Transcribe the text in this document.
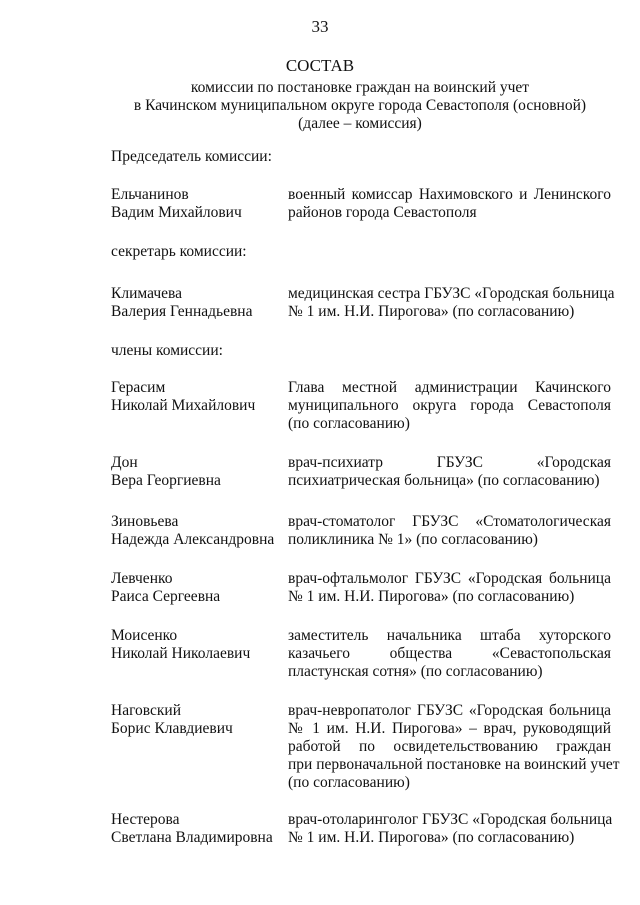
33
СОСТАВ
комиссии по постановке граждан на воинский учет
в Качинском муниципальном округе города Севастополя (основной)
(далее – комиссия)
Председатель комиссии:
Ельчанинов
Вадим Михайлович
военный комиссар Нахимовского и Ленинского
районов города Севастополя
секретарь комиссии:
Климачева
Валерия Геннадьевна
медицинская сестра ГБУЗС «Городская больница
№ 1 им. Н.И. Пирогова» (по согласованию)
члены комиссии:
Герасим
Николай Михайлович
Глава местной администрации Качинского
муниципального округа города Севастополя
(по согласованию)
Дон
Вера Георгиевна
врач-психиатр ГБУЗС «Городская
психиатрическая больница» (по согласованию)
Зиновьева
Надежда Александровна
врач-стоматолог ГБУЗС «Стоматологическая
поликлиника № 1» (по согласованию)
Левченко
Раиса Сергеевна
врач-офтальмолог ГБУЗС «Городская больница
№ 1 им. Н.И. Пирогова» (по согласованию)
Моисенко
Николай Николаевич
заместитель начальника штаба хуторского
казачьего общества «Севастопольская
пластунская сотня» (по согласованию)
Наговский
Борис Клавдиевич
врач-невропатолог ГБУЗС «Городская больница
№ 1 им. Н.И. Пирогова» – врач, руководящий
работой по освидетельствованию граждан
при первоначальной постановке на воинский учет
(по согласованию)
Нестерова
Светлана Владимировна
врач-отоларинголог ГБУЗС «Городская больница
№ 1 им. Н.И. Пирогова» (по согласованию)
